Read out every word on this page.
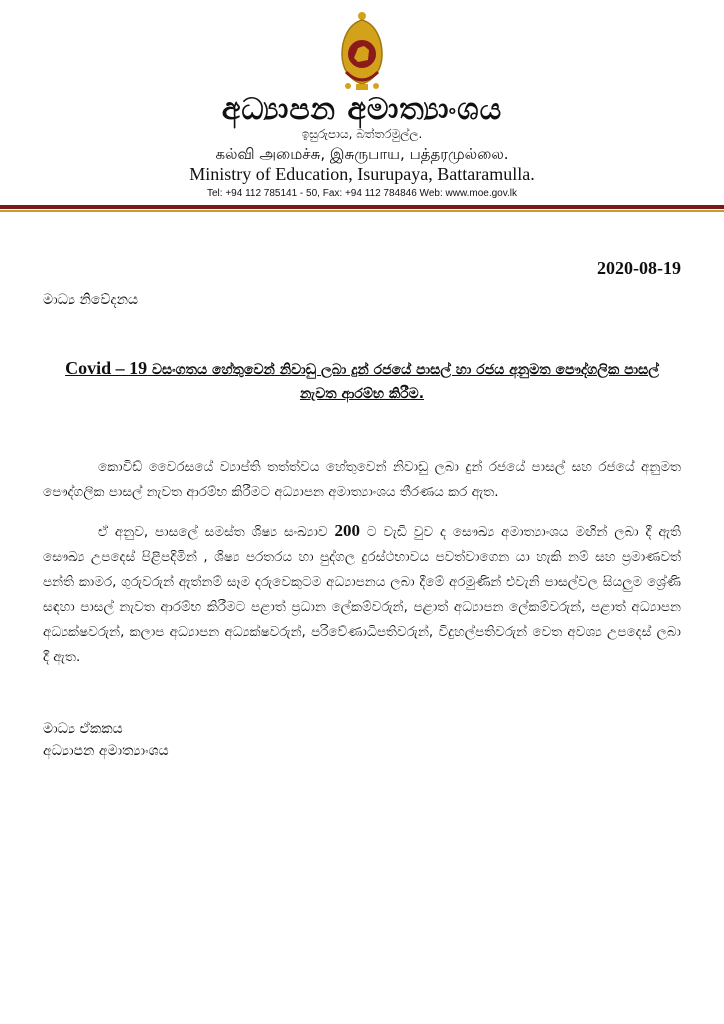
අධ්‍යාපන අමාත්‍යාංශය
ඉසුරුපාය, බත්තරමුල්ල.
கல்வி அமைச்சு, இசுருபாய, பத்தரமுல்லை.
Ministry of Education, Isurupaya, Battaramulla.
Tel: +94 112 785141 - 50, Fax: +94 112 784846 Web: www.moe.gov.lk
2020-08-19
මාධ්‍ය නිවේදනය
Covid – 19 වසංගතය හේතුවෙන් නිවාඩු ලබා දුන් රජයේ පාසල් හා රජය අනුමත පෞද්ගලික පාසල් නැවත ආරම්භ කිරීම.
කොවිඩ් වෛරසයේ ව්‍යාප්ති තත්ත්වය හේතුවෙන් නිවාඩු ලබා දුන් රජයේ පාසල් සහ රජයේ අනුමත පෞද්ගලික පාසල් නැවත ආරම්භ කිරීමට අධ්‍යාපන අමාත්‍යාංශය තීරණය කර ඇත.
ඒ අනුව, පාසලේ සමස්ත ශිෂ්‍ය සංඛ්‍යාව 200 ට වැඩි වුව ද සෞඛ්‍ය අමාත්‍යාංශය මඟින් ලබා දී ඇති සෞඛ්‍ය උපදෙස් පිළිපදිමින් , ශිෂ්‍ය පරතරය හා පුද්ගල දුරස්ථභාවය පවත්වාගෙන යා හැකි නම් සහ ප්‍රමාණවත් පන්ති කාමර, ගුරුවරුන් ඇත්නම් සෑම දරුවෙකුටම අධ්‍යාපනය ලබා දීමේ අරමුණින් එවැනි පාසල්වල සියලුම ශ්‍රේණි සඳහා පාසල් නැවත ආරම්භ කිරීමට පළාත් ප්‍රධාන ලේකම්වරුන්, පළාත් අධ්‍යාපන ලේකම්වරුන්, පළාත් අධ්‍යාපන අධ්‍යක්ෂවරුන්, කලාප අධ්‍යාපන අධ්‍යක්ෂවරුන්, පරිවේණාධිපතිවරුන්, විදුහල්පතිවරුන් වෙත අවශ්‍ය උපදෙස් ලබා දී ඇත.
මාධ්‍ය ඒකකය
අධ්‍යාපන අමාත්‍යාංශය
